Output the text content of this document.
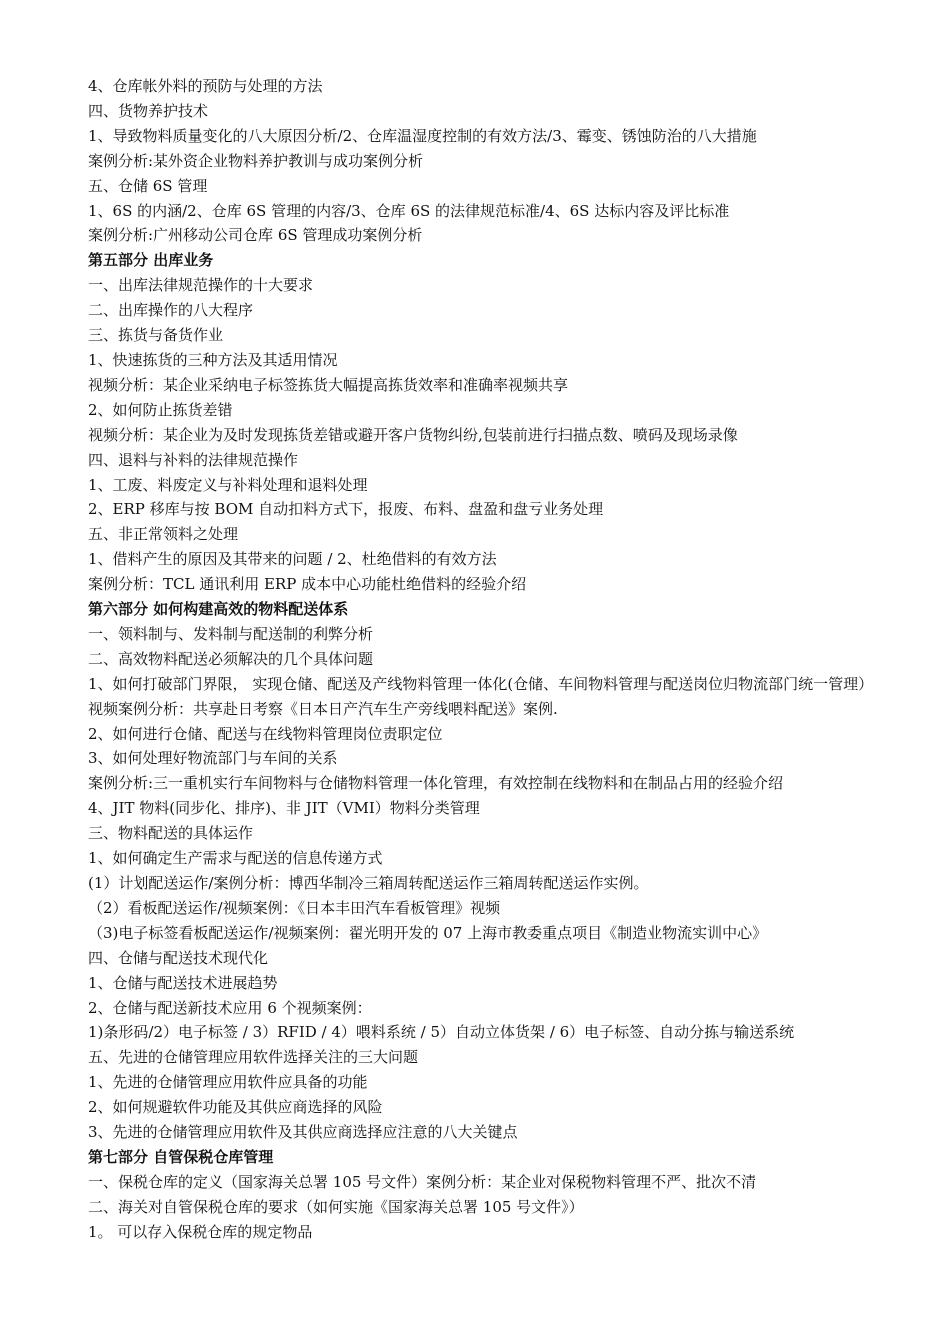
4、仓库帐外料的预防与处理的方法

四、货物养护技术

1、导致物料质量变化的八大原因分析/2、仓库温湿度控制的有效方法/3、霉变、锈蚀防治的八大措施

案例分析:某外资企业物料养护教训与成功案例分析

五、仓储 6S 管理

1、6S 的内涵/2、仓库 6S 管理的内容/3、仓库 6S 的法律规范标准/4、6S 达标内容及评比标准

案例分析:广州移动公司仓库 6S 管理成功案例分析

第五部分 出库业务

一、出库法律规范操作的十大要求

二、出库操作的八大程序

三、拣货与备货作业

1、快速拣货的三种方法及其适用情况

视频分析：某企业采纳电子标签拣货大幅提高拣货效率和准确率视频共享

2、如何防止拣货差错

视频分析：某企业为及时发现拣货差错或避开客户货物纠纷,包装前进行扫描点数、喷码及现场录像

四、退料与补料的法律规范操作

1、工废、料废定义与补料处理和退料处理

2、ERP 移库与按 BOM 自动扣料方式下，报废、布料、盘盈和盘亏业务处理

五、非正常领料之处理

1、借料产生的原因及其带来的问题 / 2、杜绝借料的有效方法

案例分析：TCL 通讯利用 ERP 成本中心功能杜绝借料的经验介绍

第六部分 如何构建高效的物料配送体系

一、领料制与、发料制与配送制的利弊分析

二、高效物料配送必须解决的几个具体问题

1、如何打破部门界限， 实现仓储、配送及产线物料管理一体化(仓储、车间物料管理与配送岗位归物流部门统一管理）

视频案例分析：共享赴日考察《日本日产汽车生产旁线喂料配送》案例.

2、如何进行仓储、配送与在线物料管理岗位责职定位

3、如何处理好物流部门与车间的关系

案例分析:三一重机实行车间物料与仓储物料管理一体化管理，有效控制在线物料和在制品占用的经验介绍

4、JIT 物料(同步化、排序)、非 JIT（VMI）物料分类管理

三、物料配送的具体运作

1、如何确定生产需求与配送的信息传递方式

(1）计划配送运作/案例分析：博西华制冷三箱周转配送运作三箱周转配送运作实例。

（2）看板配送运作/视频案例：《日本丰田汽车看板管理》视频

（3)电子标签看板配送运作/视频案例：翟光明开发的 07 上海市教委重点项目《制造业物流实训中心》

四、仓储与配送技术现代化

1、仓储与配送技术进展趋势

2、仓储与配送新技术应用 6 个视频案例：

1)条形码/2）电子标签 / 3）RFID / 4）喂料系统 / 5）自动立体货架 / 6）电子标签、自动分拣与输送系统

五、先进的仓储管理应用软件选择关注的三大问题

1、先进的仓储管理应用软件应具备的功能

2、如何规避软件功能及其供应商选择的风险

3、先进的仓储管理应用软件及其供应商选择应注意的八大关键点

第七部分 自管保税仓库管理

一、保税仓库的定义（国家海关总署 105 号文件）案例分析：某企业对保税物料管理不严、批次不清

二、海关对自管保税仓库的要求（如何实施《国家海关总署 105 号文件》）

1。 可以存入保税仓库的规定物品
